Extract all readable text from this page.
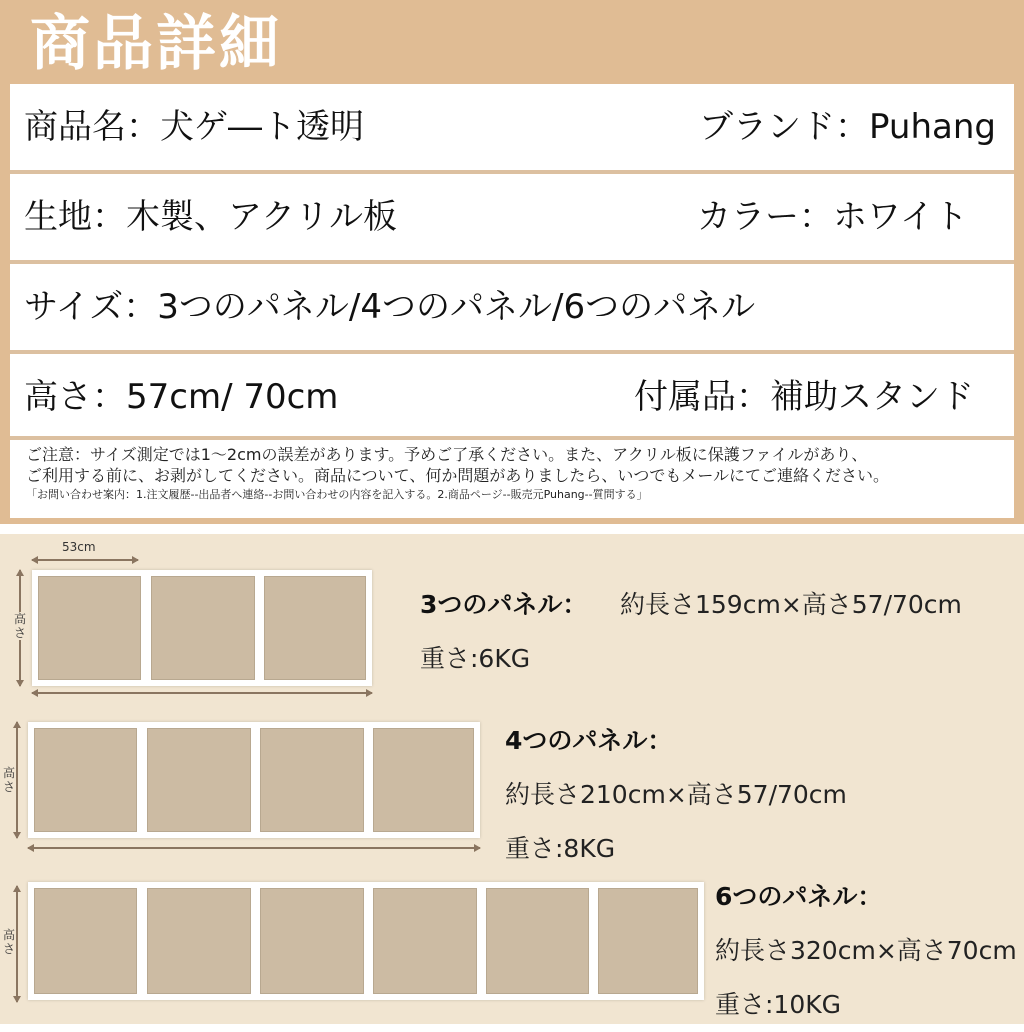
商品詳細
商品名：犬ゲ―ト透明	ブランド：Puhang
生地：木製、アクリル板	カラー：ホワイト
サイズ：3つのパネル/4つのパネル/6つのパネル
高さ：57cm/ 70cm	付属品：補助スタンド

ご注意：サイズ測定では1～2cmの誤差があります。予めご了承ください。また、アクリル板に保護ファイルがあり、

ご利用する前に、お剥がしてください。商品について、何か問題がありましたら、いつでもメールにてご連絡ください。

「お問い合わせ案内：1.注文履歴--出品者へ連絡--お問い合わせの内容を記入する。2.商品ページ--販売元Puhang--質問する」

53cm
高さ
3つのパネル： 約長さ159cm×高さ57/70cm
重さ:6KG
高さ
4つのパネル：
約長さ210cm×高さ57/70cm
重さ:8KG
高さ
6つのパネル：
約長さ320cm×高さ70cm
重さ:10KG
